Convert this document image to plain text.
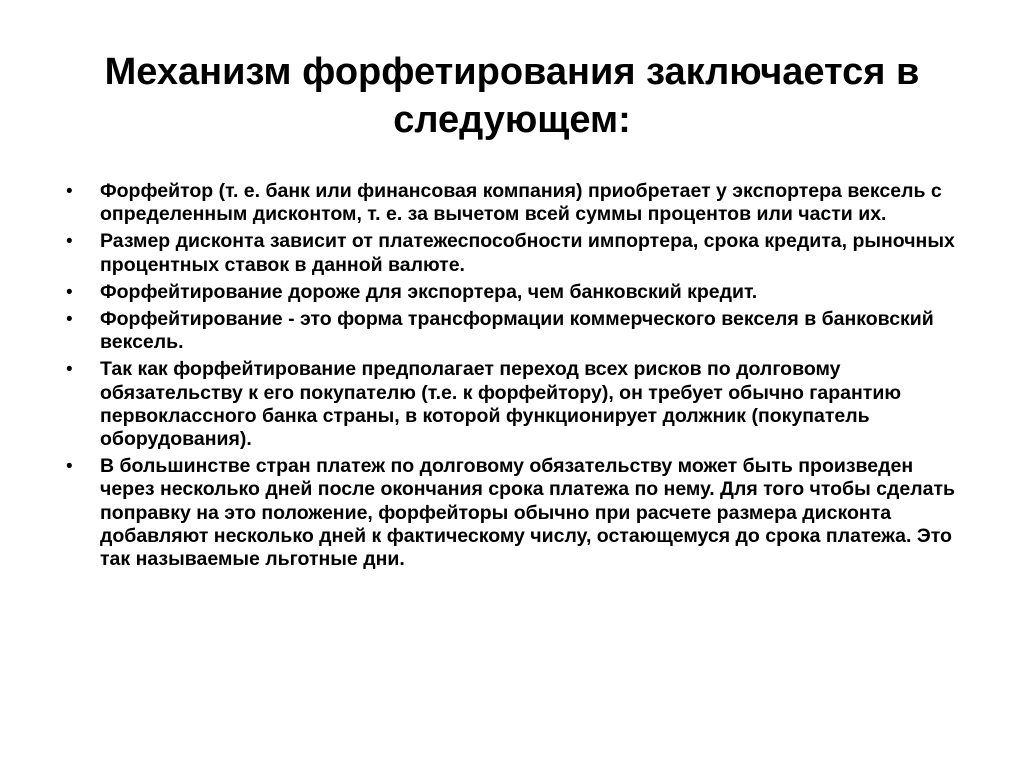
Механизм форфетирования заключается в следующем:
• Форфейтор (т. е. банк или финансовая компания) приобретает у экспортера вексель с определенным дисконтом, т. е. за вычетом всей суммы процентов или части их.
• Размер дисконта зависит от платежеспособности импортера, срока кредита, рыночных процентных ставок в данной валюте.
• Форфейтирование дороже для экспортера, чем банковский кредит.
• Форфейтирование - это форма трансформации коммерческого векселя в банковский вексель.
• Так как форфейтирование предполагает переход всех рисков по долговому обязательству к его покупателю (т.е. к форфейтору), он требует обычно гарантию первоклассного банка страны, в которой функционирует должник (покупатель оборудования).
• В большинстве стран платеж по долговому обязательству может быть произведен через несколько дней после окончания срока платежа по нему. Для того чтобы сделать поправку на это положение, форфейторы обычно при расчете размера дисконта добавляют несколько дней к фактическому числу, остающемуся до срока платежа. Это так называемые льготные дни.
